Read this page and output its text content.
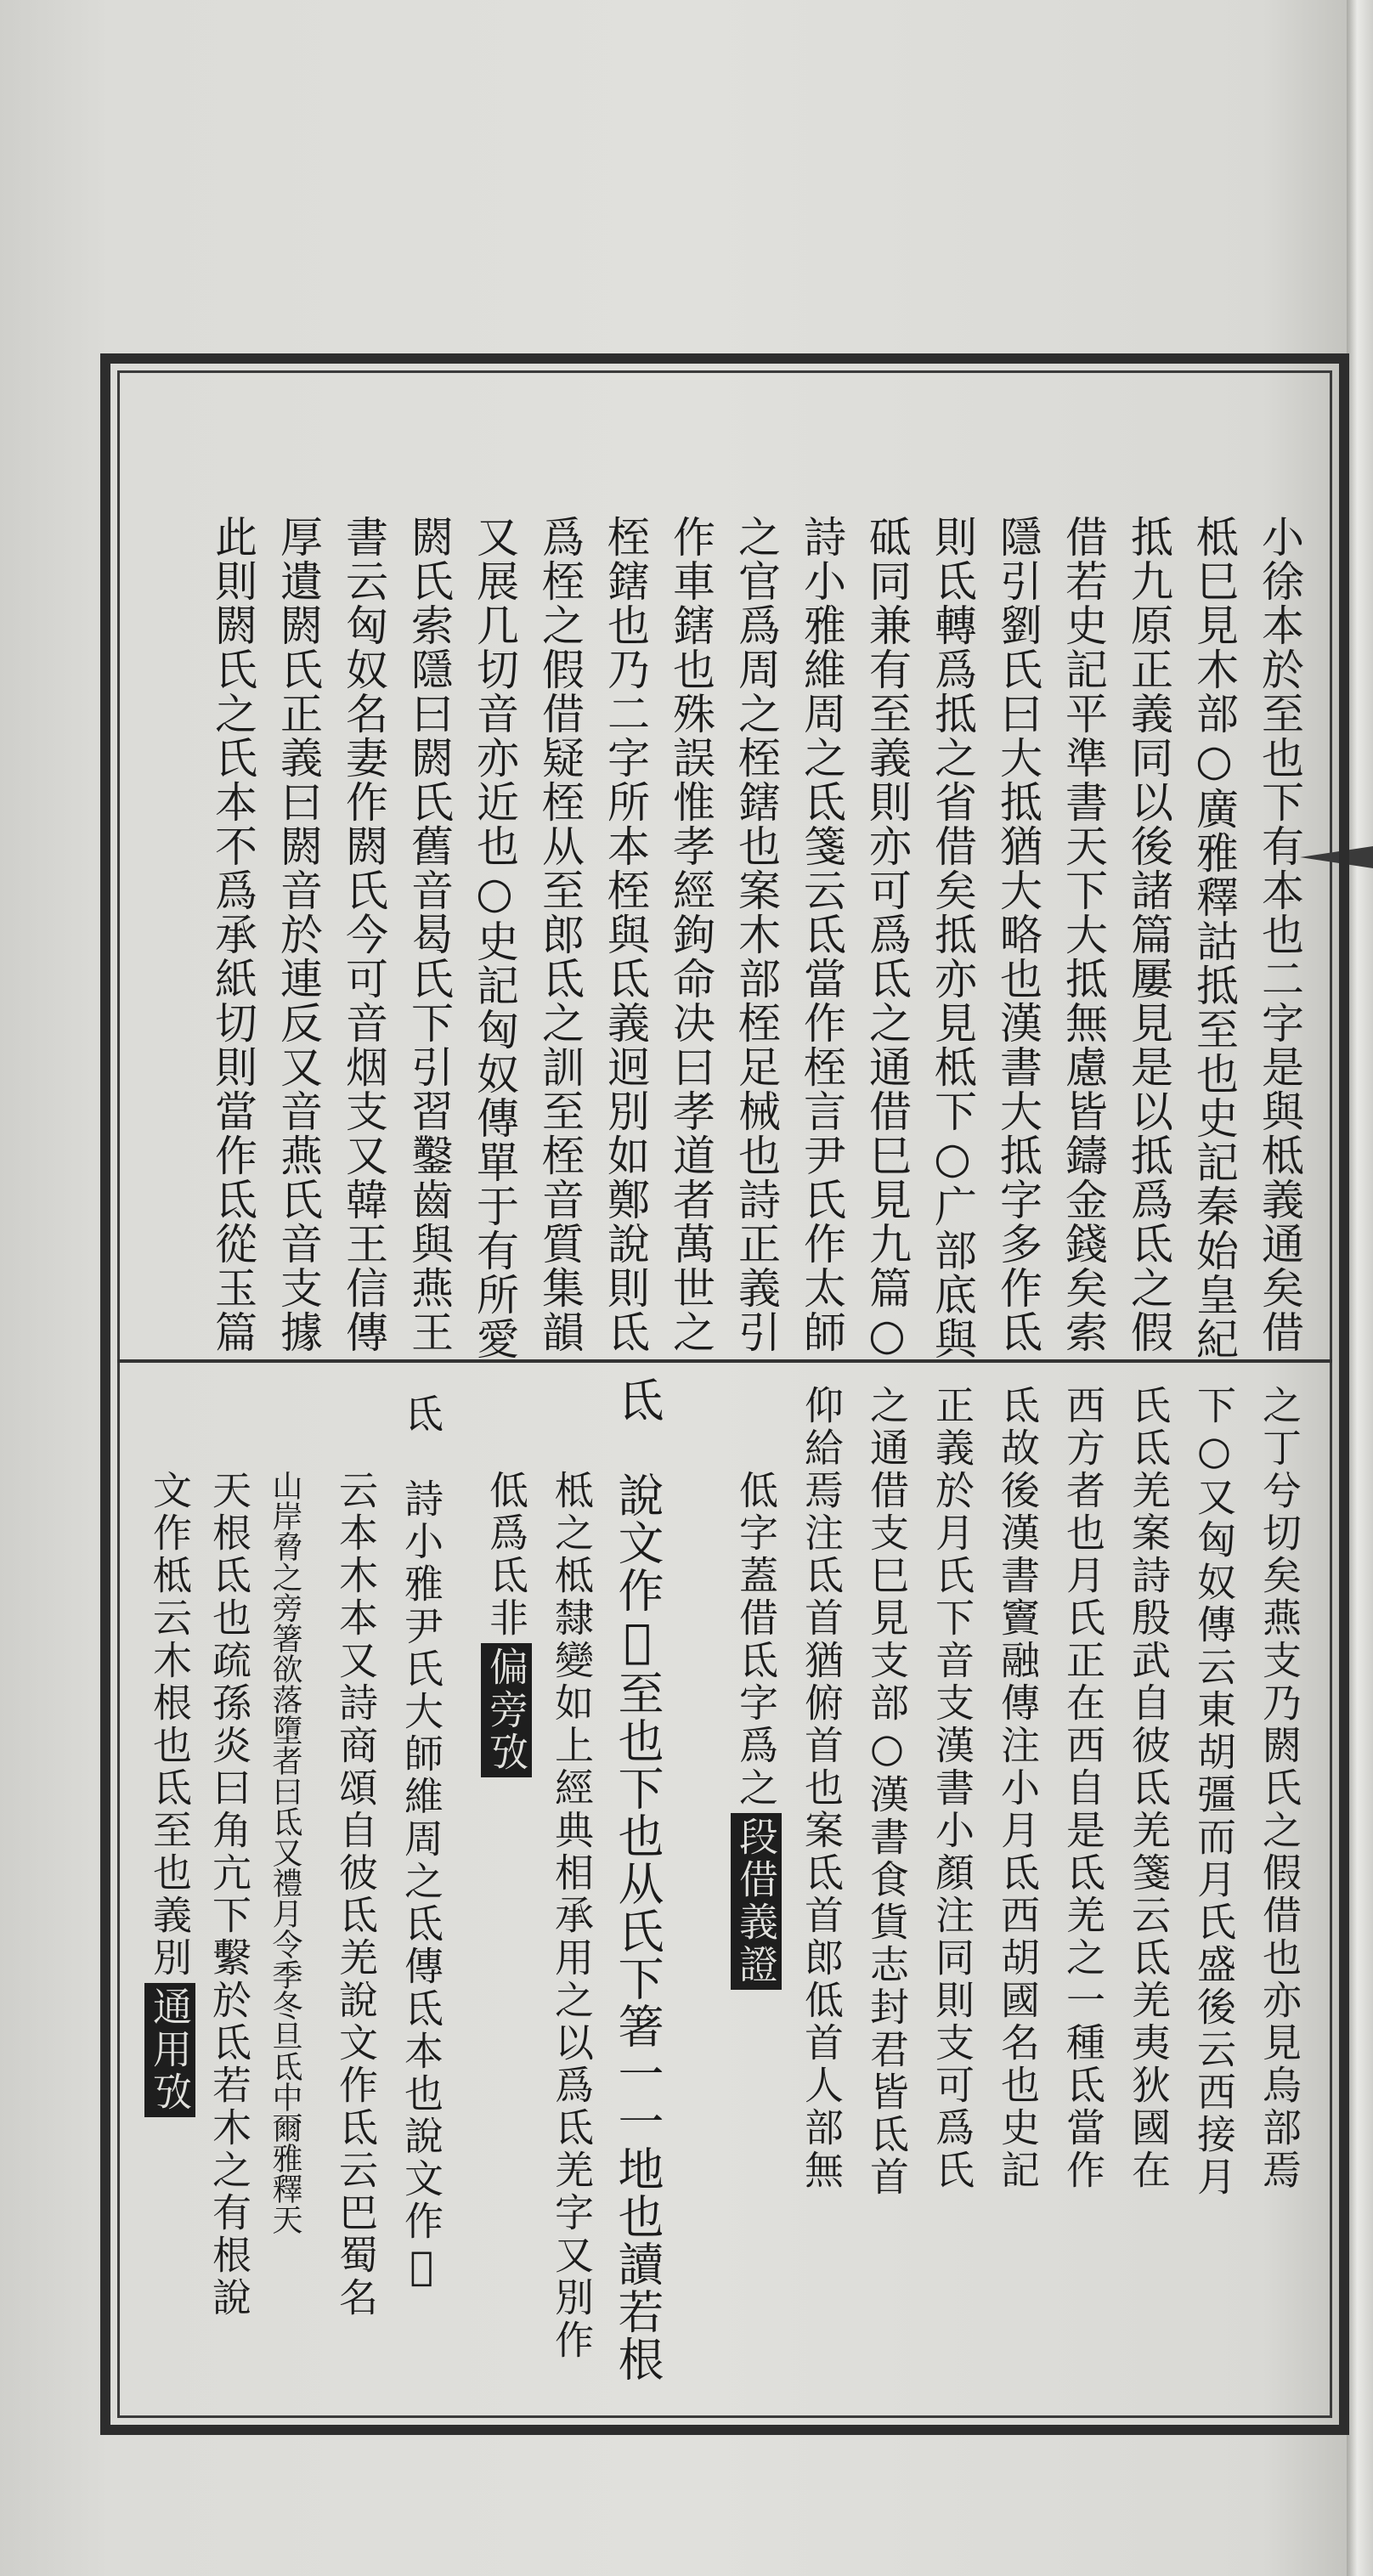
小徐本於至也下有本也二字是與柢義通矣借
柢巳見木部○廣雅釋詁抵至也史記秦始皇紀
抵九原正義同以後諸篇屢見是以抵爲氐之假
借若史記平準書天下大抵無慮皆鑄金錢矣索
隱引劉氏曰大抵猶大略也漢書大抵字多作氐
則氐轉爲抵之省借矣抵亦見柢下○广部底與
砥同兼有至義則亦可爲氐之通借巳見九篇○
詩小雅維周之氐箋云氐當作桎言尹氏作太師
之官爲周之桎鎋也案木部桎足械也詩正義引
作車鎋也殊誤惟孝經鉤命决曰孝道者萬世之
桎鎋也乃二字所本桎與氐義迥別如鄭說則氐
爲桎之假借疑桎从至郎氐之訓至桎音質集韻
又展几切音亦近也○史記匈奴傳單于有所愛
閼氏索隱曰閼氏舊音曷氏下引習鑿齒與燕王
書云匈奴名妻作閼氏今可音烟支又韓王信傳
厚遺閼氏正義曰閼音於連反又音燕氏音支據
此則閼氏之氏本不爲承紙切則當作氐從玉篇
之丁兮切矣燕支乃閼氏之假借也亦見烏部焉
下○又匈奴傳云東胡彊而月氏盛後云西接月
氏氐羌案詩殷武自彼氐羌箋云氐羌夷狄國在
西方者也月氏正在西自是氐羌之一種氐當作
氐故後漢書竇融傳注小月氐西胡國名也史記
正義於月氏下音支漢書小顏注同則支可爲氏
之通借支巳見支部○漢書食貨志封君皆氐首
仰給焉注氐首猶俯首也案氐首郎低首人部無
低字蓋借氐字爲之段借義證
氐　說文作𢀚至也下也从氏下箸一一地也讀若根
柢之柢隸變如上經典相承用之以爲氐羌字又別作
低爲氐非偏旁攷
氐　詩小雅尹氏大師維周之氐傳氐本也說文作𢀚
云本木本又詩商頌自彼氐羌說文作氐云巴蜀名
山岸脅之旁箸欲落墮者曰氐又禮月令季冬旦氐中爾雅釋天
天根氐也疏孫炎曰角亢下繫於氐若木之有根說
文作柢云木根也氐至也義別通用攷
